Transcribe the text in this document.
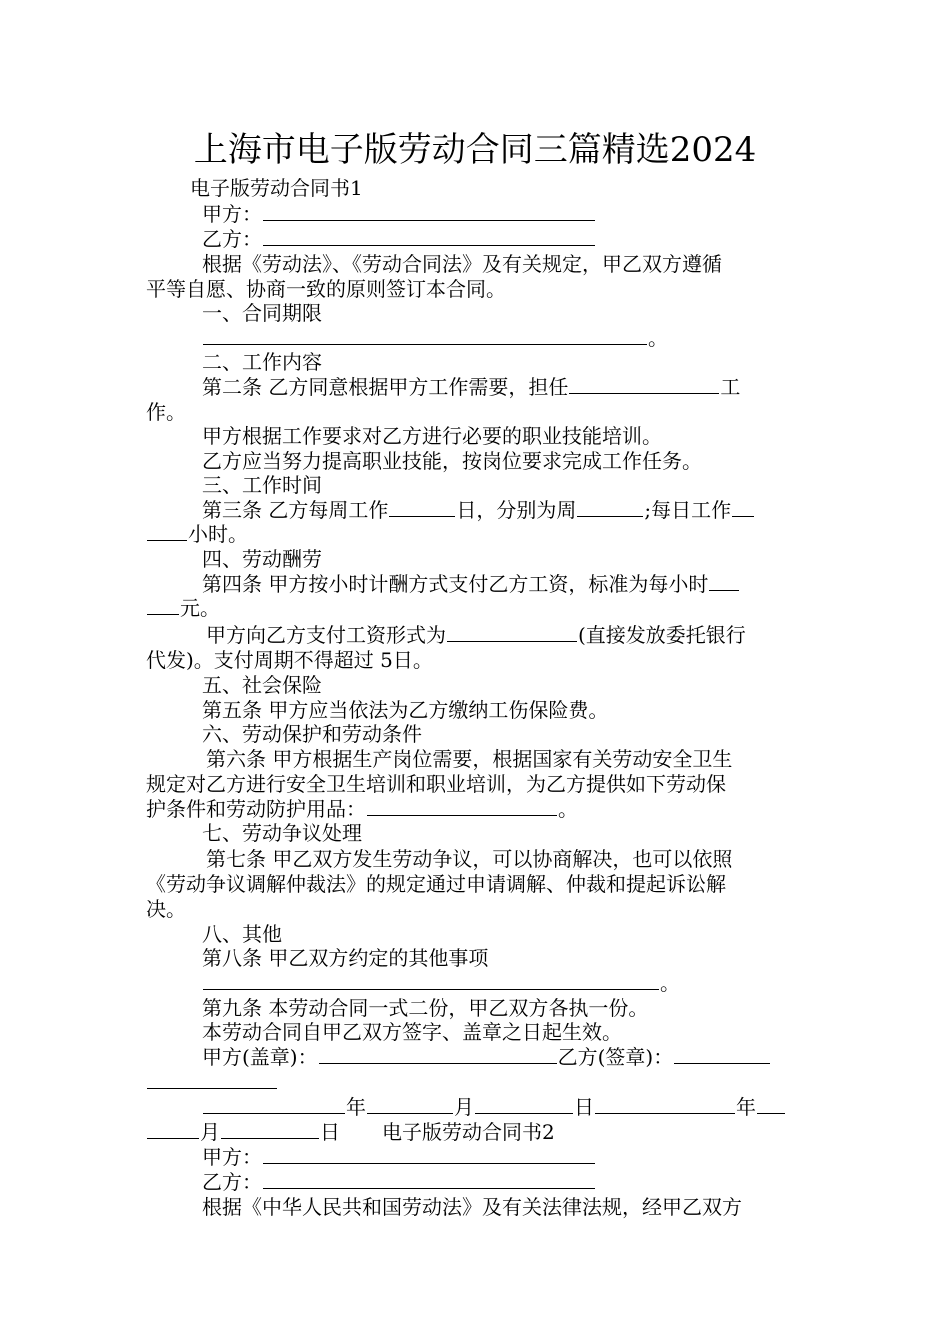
上海市电子版劳动合同三篇精选2024
电子版劳动合同书1
甲方：
乙方：
根据《劳动法》、《劳动合同法》及有关规定，甲乙双方遵循
平等自愿、协商一致的原则签订本合同。
一、合同期限
。
二、工作内容
第二条 乙方同意根据甲方工作需要，担任	工
作。
甲方根据工作要求对乙方进行必要的职业技能培训。
乙方应当努力提高职业技能，按岗位要求完成工作任务。
三、工作时间
第三条 乙方每周工作	日，分别为周	;每日工作
小时。
四、劳动酬劳
第四条 甲方按小时计酬方式支付乙方工资，标准为每小时
元。
甲方向乙方支付工资形式为	(直接发放委托银行
代发)。支付周期不得超过 5日。
五、社会保险
第五条 甲方应当依法为乙方缴纳工伤保险费。
六、劳动保护和劳动条件
第六条 甲方根据生产岗位需要，根据国家有关劳动安全卫生
规定对乙方进行安全卫生培训和职业培训，为乙方提供如下劳动保
护条件和劳动防护用品：	。
七、劳动争议处理
第七条 甲乙双方发生劳动争议，可以协商解决，也可以依照
《劳动争议调解仲裁法》的规定通过申请调解、仲裁和提起诉讼解
决。
八、其他
第八条 甲乙双方约定的其他事项
。
第九条 本劳动合同一式二份，甲乙双方各执一份。
本劳动合同自甲乙双方签字、盖章之日起生效。
甲方(盖章)：	乙方(签章)：
年	月	日	年
月	日 电子版劳动合同书2
甲方：
乙方：
根据《中华人民共和国劳动法》及有关法律法规，经甲乙双方
